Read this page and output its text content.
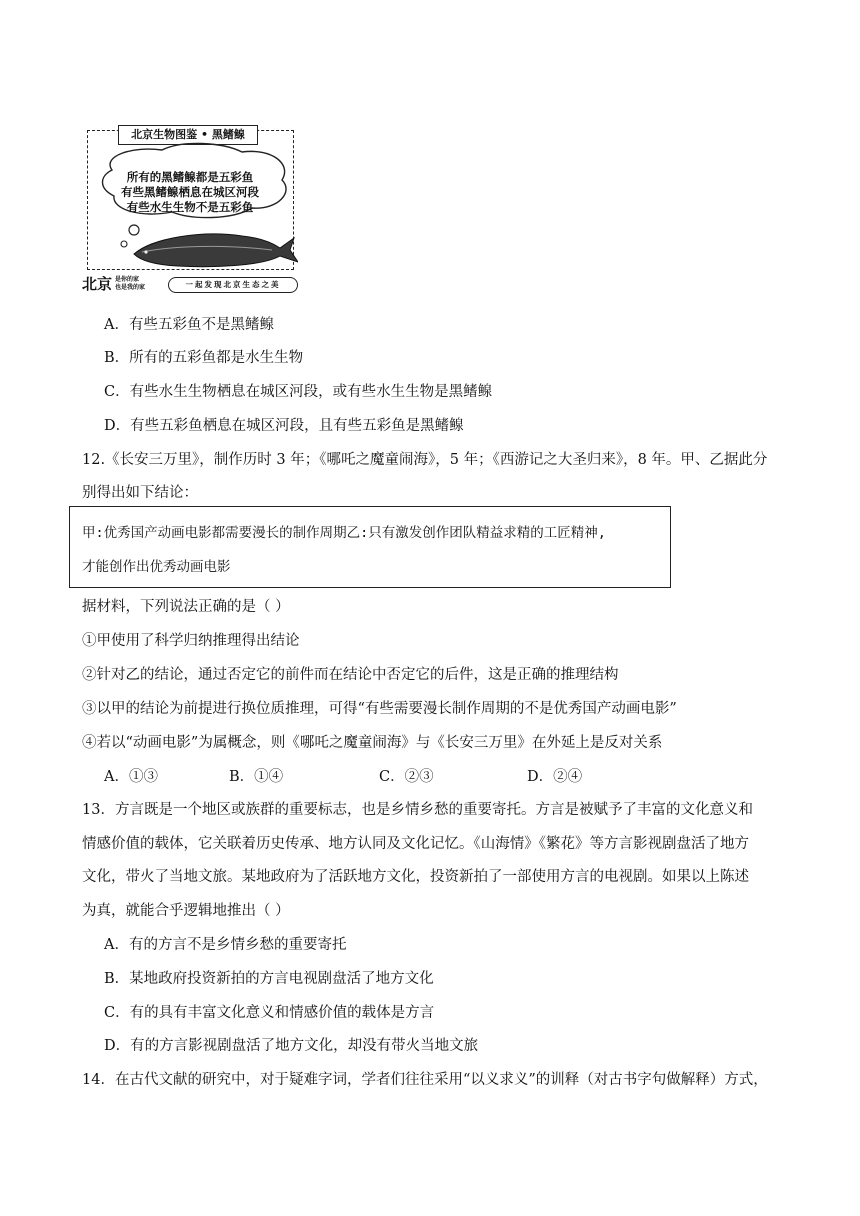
北京生物图鉴 • 黑鳍鳈
所有的黑鳍鳈都是五彩鱼
有些黑鳍鳈栖息在城区河段
有些水生生物不是五彩鱼
北京 是你的家
也是我的家	一起发现北京生态之美
A．有些五彩鱼不是黑鳍鳈
B．所有的五彩鱼都是水生生物
C．有些水生生物栖息在城区河段，或有些水生生物是黑鳍鳈
D．有些五彩鱼栖息在城区河段，且有些五彩鱼是黑鳍鳈
12.《长安三万里》，制作历时 3 年；《哪吒之魔童闹海》，5 年；《西游记之大圣归来》，8 年。甲、乙据此分
别得出如下结论：
甲:优秀国产动画电影都需要漫长的制作周期乙:只有激发创作团队精益求精的工匠精神,
才能创作出优秀动画电影
据材料，下列说法正确的是（ ）
①甲使用了科学归纳推理得出结论
②针对乙的结论，通过否定它的前件而在结论中否定它的后件，这是正确的推理结构
③以甲的结论为前提进行换位质推理，可得“有些需要漫长制作周期的不是优秀国产动画电影”
④若以“动画电影”为属概念，则《哪吒之魔童闹海》与《长安三万里》在外延上是反对关系
A．①③	B．①④	C．②③	D．②④
13．方言既是一个地区或族群的重要标志，也是乡情乡愁的重要寄托。方言是被赋予了丰富的文化意义和
情感价值的载体，它关联着历史传承、地方认同及文化记忆。《山海情》《繁花》等方言影视剧盘活了地方
文化，带火了当地文旅。某地政府为了活跃地方文化，投资新拍了一部使用方言的电视剧。如果以上陈述
为真，就能合乎逻辑地推出（ ）
A．有的方言不是乡情乡愁的重要寄托
B．某地政府投资新拍的方言电视剧盘活了地方文化
C．有的具有丰富文化意义和情感价值的载体是方言
D．有的方言影视剧盘活了地方文化，却没有带火当地文旅
14．在古代文献的研究中，对于疑难字词，学者们往往采用“以义求义”的训释（对古书字句做解释）方式，
